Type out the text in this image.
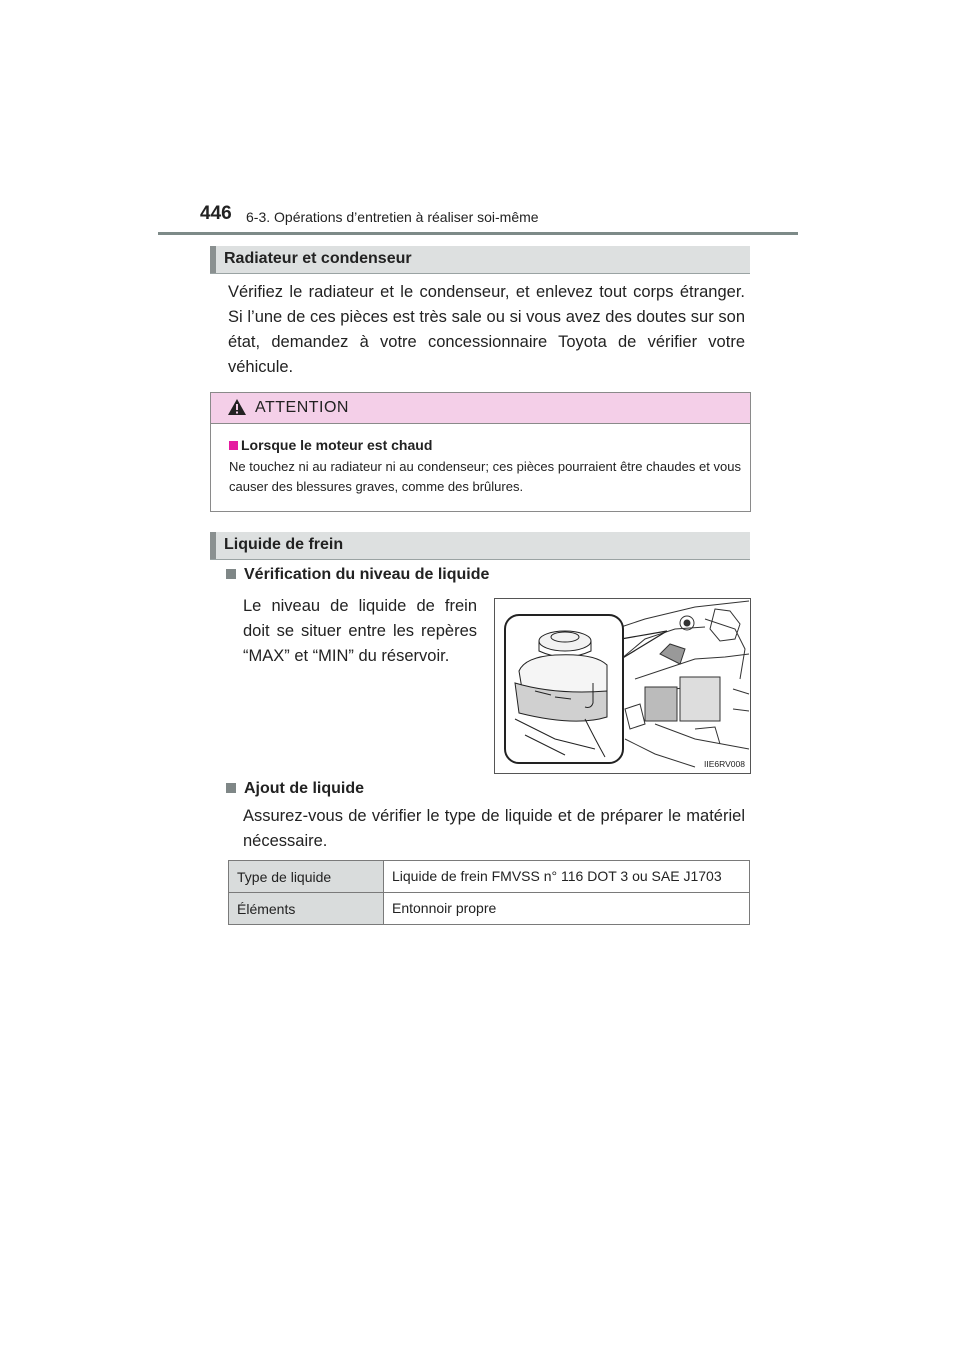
446 6-3. Opérations d’entretien à réaliser soi-même
Radiateur et condenseur
Vérifiez le radiateur et le condenseur, et enlevez tout corps étranger. Si l’une de ces pièces est très sale ou si vous avez des doutes sur son état, demandez à votre concessionnaire Toyota de vérifier votre véhicule.
ATTENTION
Lorsque le moteur est chaud
Ne touchez ni au radiateur ni au condenseur; ces pièces pourraient être chaudes et vous causer des blessures graves, comme des brûlures.
Liquide de frein
Vérification du niveau de liquide
Le niveau de liquide de frein doit se situer entre les repères “MAX” et “MIN” du réservoir.
IIE6RV008
Ajout de liquide
Assurez-vous de vérifier le type de liquide et de préparer le matériel nécessaire.
Type de liquide	Liquide de frein FMVSS n° 116 DOT 3 ou SAE J1703
Éléments	Entonnoir propre
